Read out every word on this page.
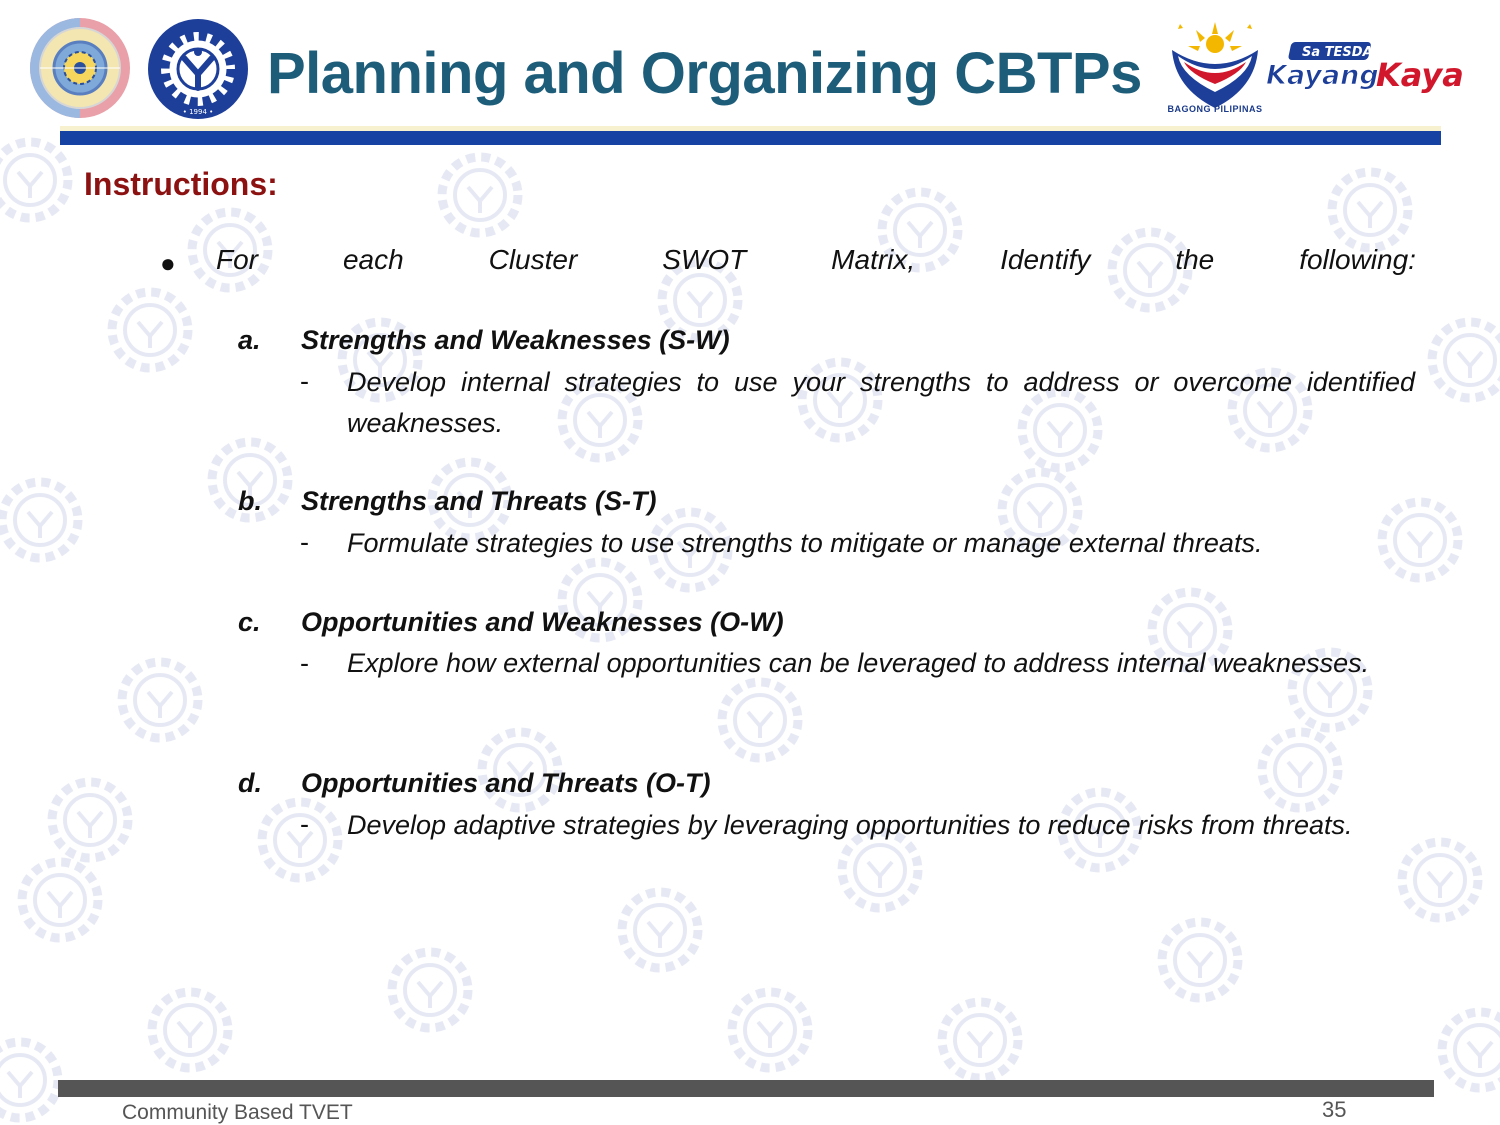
• 1994 •
Planning and Organizing CBTPs
BAGONG PILIPINAS
Sa TESDA,
Kayang
Kaya
Instructions:
● For	each	Cluster	SWOT	Matrix,	Identify	the	following:
a. Strengths and Weaknesses (S-W)
- Develop internal strategies to use your strengths to address or overcome identified weaknesses.
b. Strengths and Threats (S-T)
- Formulate strategies to use strengths to mitigate or manage external threats.
c. Opportunities and Weaknesses (O-W)
- Explore how external opportunities can be leveraged to address internal weaknesses.
d. Opportunities and Threats (O-T)
- Develop adaptive strategies by leveraging opportunities to reduce risks from threats.
Community Based TVET	35
